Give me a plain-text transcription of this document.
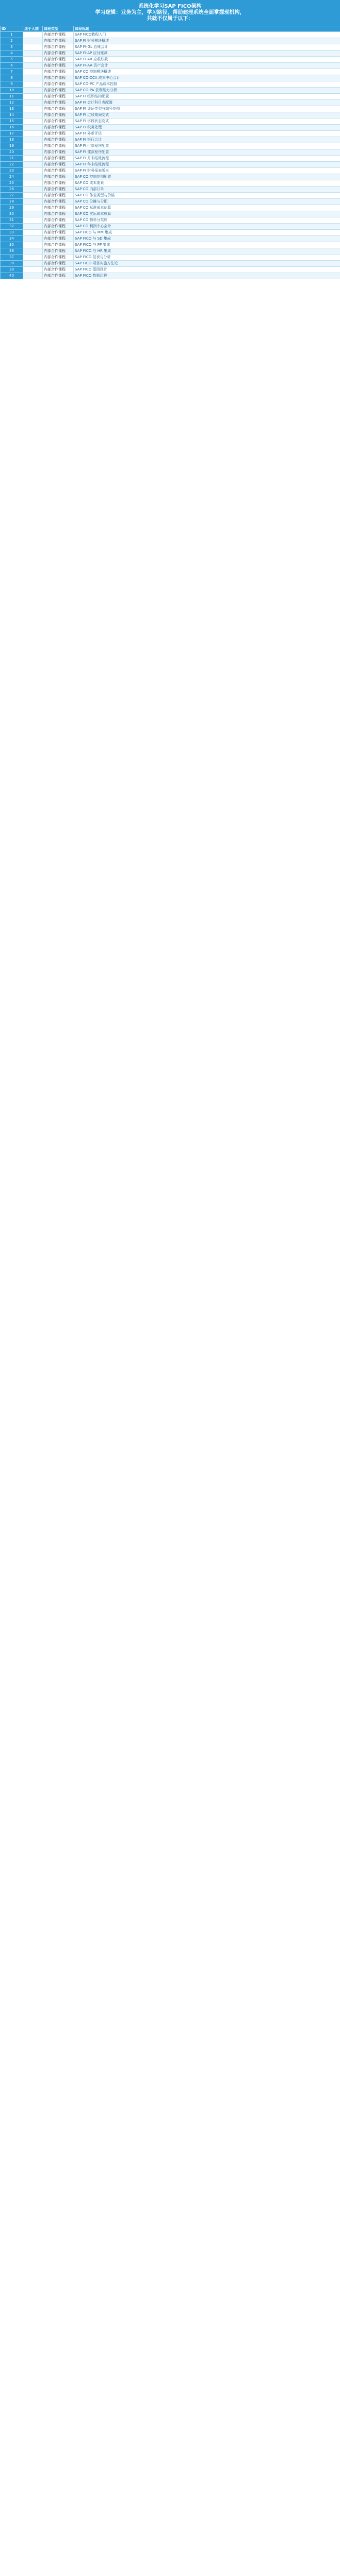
系统化学习SAP FICO架构
学习逻辑：业务为主，学习路径，帮助建理系统全面掌握现机构，
共就不仅属于以下：
ID	适于人群	课程类型	课程标题
1		内部合作课程	SAP FICO教程入门
2		内部合作课程	SAP FI 财务模块概述
3		内部合作课程	SAP FI-GL 总账会计
4		内部合作课程	SAP FI-AP 应付账款
5		内部合作课程	SAP FI-AR 应收账款
6		内部合作课程	SAP FI-AA 资产会计
7		内部合作课程	SAP CO 控制模块概述
8		内部合作课程	SAP CO-CCA 成本中心会计
9		内部合作课程	SAP CO-PC 产品成本控制
10		内部合作课程	SAP CO-PA 获利能力分析
11		内部合作课程	SAP FI 组织结构配置
12		内部合作课程	SAP FI 会计科目表配置
13		内部合作课程	SAP FI 凭证类型与编号范围
14		内部合作课程	SAP FI 过账期间变式
15		内部合作课程	SAP FI 字段状态变式
16		内部合作课程	SAP FI 税务处理
17		内部合作课程	SAP FI 外币评估
18		内部合作课程	SAP FI 银行会计
19		内部合作课程	SAP FI 付款程序配置
20		内部合作课程	SAP FI 催款程序配置
21		内部合作课程	SAP FI 月末结账流程
22		内部合作课程	SAP FI 年末结账流程
23		内部合作课程	SAP FI 财务报表版本
24		内部合作课程	SAP CO 控制范围配置
25		内部合作课程	SAP CO 成本要素
26		内部合作课程	SAP CO 内部订单
27		内部合作课程	SAP CO 作业类型与价格
28		内部合作课程	SAP CO 分摊与分配
29		内部合作课程	SAP CO 标准成本估算
30		内部合作课程	SAP CO 实际成本核算
31		内部合作课程	SAP CO 物料分类账
32		内部合作课程	SAP CO 利润中心会计
33		内部合作课程	SAP FICO 与 MM 集成
34		内部合作课程	SAP FICO 与 SD 集成
35		内部合作课程	SAP FICO 与 PP 集成
36		内部合作课程	SAP FICO 与 HR 集成
37		内部合作课程	SAP FICO 报表与分析
38		内部合作课程	SAP FICO 项目实施方法论
39		内部合作课程	SAP FICO 蓝图设计
40		内部合作课程	SAP FICO 数据迁移
